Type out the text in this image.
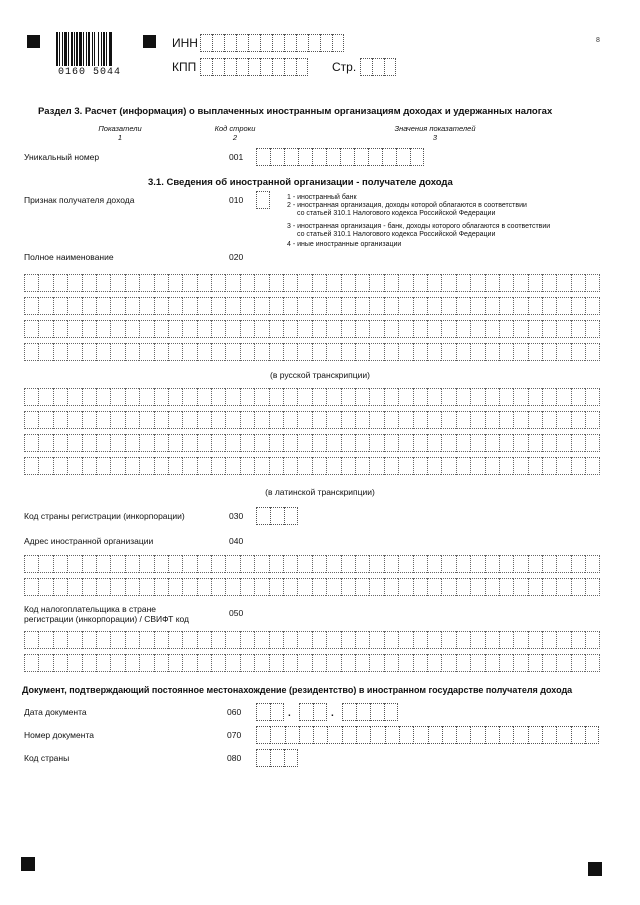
0160 5044
8
ИНН
КПП	Стр.
Раздел 3. Расчет (информация) о выплаченных иностранным организациям доходах и удержанных налогах
Показатели
1
Код строки
2
Значения показателей
3
Уникальный номер	001
3.1. Сведения об иностранной организации - получателе дохода
Признак получателя дохода	010	1 - иностранный банк
2 - иностранная организация, доходы которой облагаются в соответствии
со статьей 310.1 Налогового кодекса Российской Федерации
3 - иностранная организация - банк, доходы которого облагаются в соответствии
со статьей 310.1 Налогового кодекса Российской Федерации
4 - иные иностранные организации
Полное наименование	020
(в русской транскрипции)
(в латинской транскрипции)
Код страны регистрации (инкорпорации)	030
Адрес иностранной организации	040
Код налогоплательщика в стране
регистрации (инкорпорации) / СВИФТ код
050
Документ, подтверждающий постоянное местонахождение (резидентство) в иностранном государстве получателя дохода
Дата документа	060	.	.
Номер документа	070
Код страны	080
